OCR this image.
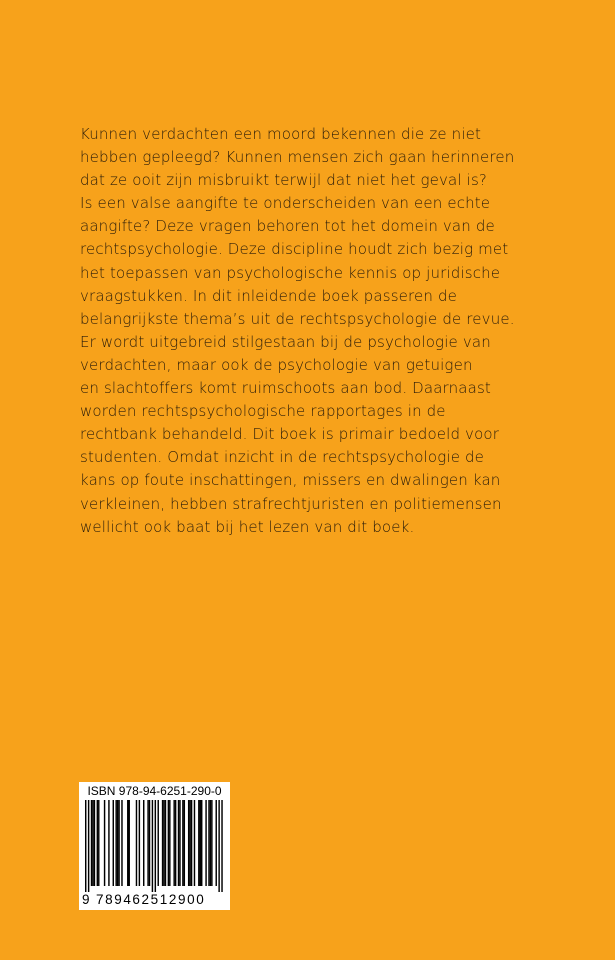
Kunnen verdachten een moord bekennen die ze niet
hebben gepleegd? Kunnen mensen zich gaan herinneren
dat ze ooit zijn misbruikt terwijl dat niet het geval is?
Is een valse aangifte te onderscheiden van een echte
aangifte? Deze vragen behoren tot het domein van de
rechtspsychologie. Deze discipline houdt zich bezig met
het toepassen van psychologische kennis op juridische
vraagstukken. In dit inleidende boek passeren de
belangrijkste thema’s uit de rechtspsychologie de revue.
Er wordt uitgebreid stilgestaan bij de psychologie van
verdachten, maar ook de psychologie van getuigen
en slachtoffers komt ruimschoots aan bod. Daarnaast
worden rechtspsychologische rapportages in de
rechtbank behandeld. Dit boek is primair bedoeld voor
studenten. Omdat inzicht in de rechtspsychologie de
kans op foute inschattingen, missers en dwalingen kan
verkleinen, hebben strafrechtjuristen en politiemensen
wellicht ook baat bij het lezen van dit boek.
ISBN 978-94-6251-290-0
9 789462512900
